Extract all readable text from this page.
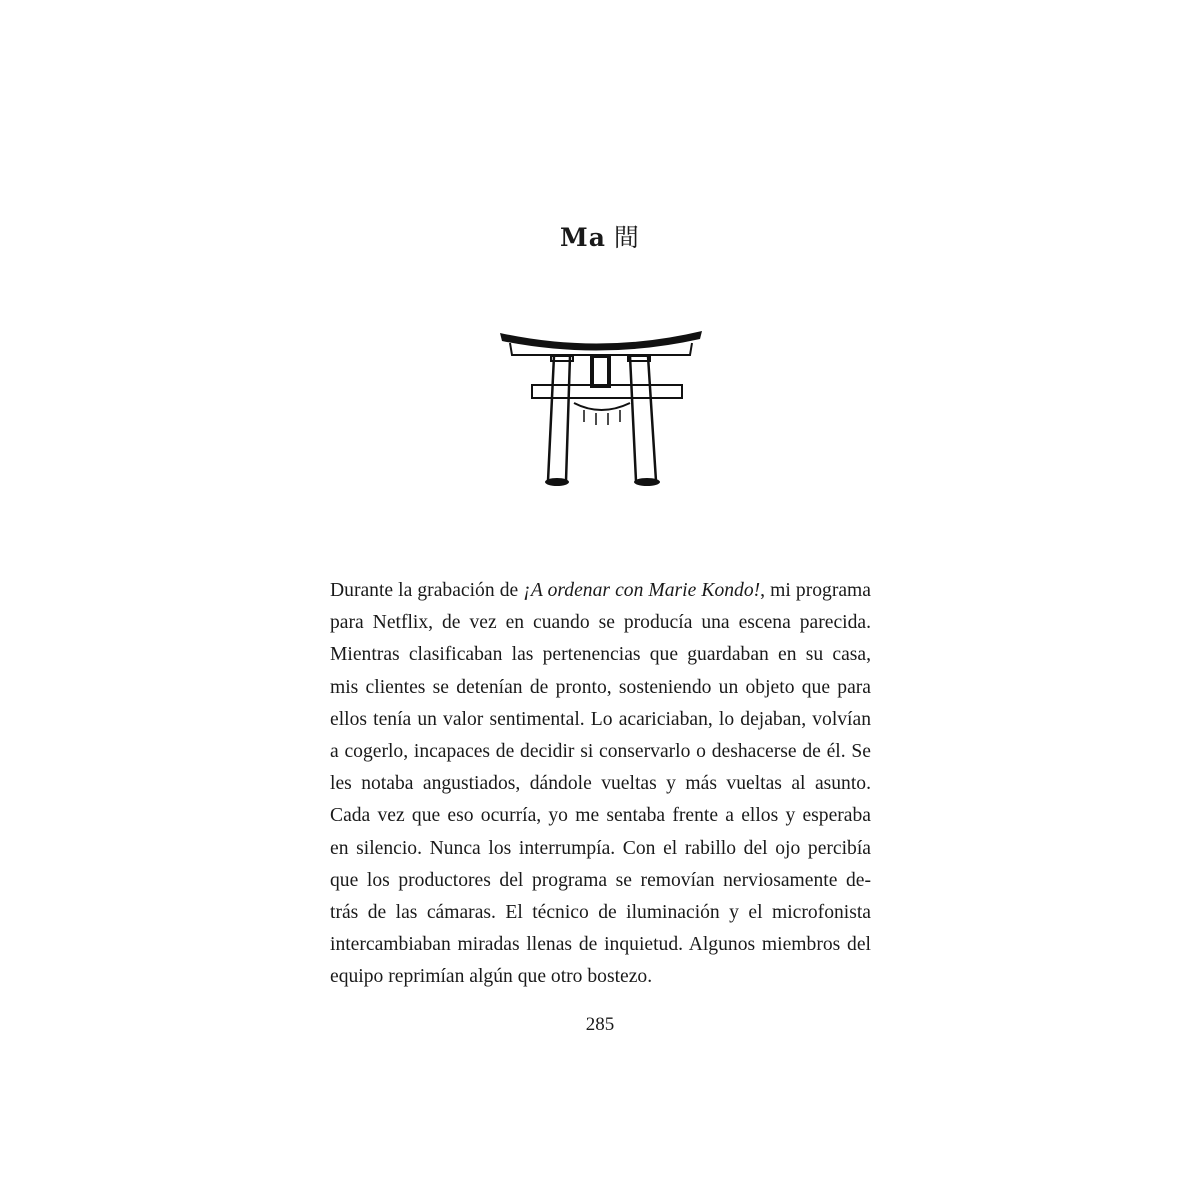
Ma 間
Durante la grabación de ¡A ordenar con Marie Kondo!, mi programa
para Netflix, de vez en cuando se producía una escena parecida.
Mientras clasificaban las pertenencias que guardaban en su casa,
mis clientes se detenían de pronto, sosteniendo un objeto que para
ellos tenía un valor sentimental. Lo acariciaban, lo dejaban, volvían
a cogerlo, incapaces de decidir si conservarlo o deshacerse de él. Se
les notaba angustiados, dándole vueltas y más vueltas al asunto.
Cada vez que eso ocurría, yo me sentaba frente a ellos y esperaba
en silencio. Nunca los interrumpía. Con el rabillo del ojo percibía
que los productores del programa se removían nerviosamente de-
trás de las cámaras. El técnico de iluminación y el microfonista
intercambiaban miradas llenas de inquietud. Algunos miembros del
equipo reprimían algún que otro bostezo.
285
